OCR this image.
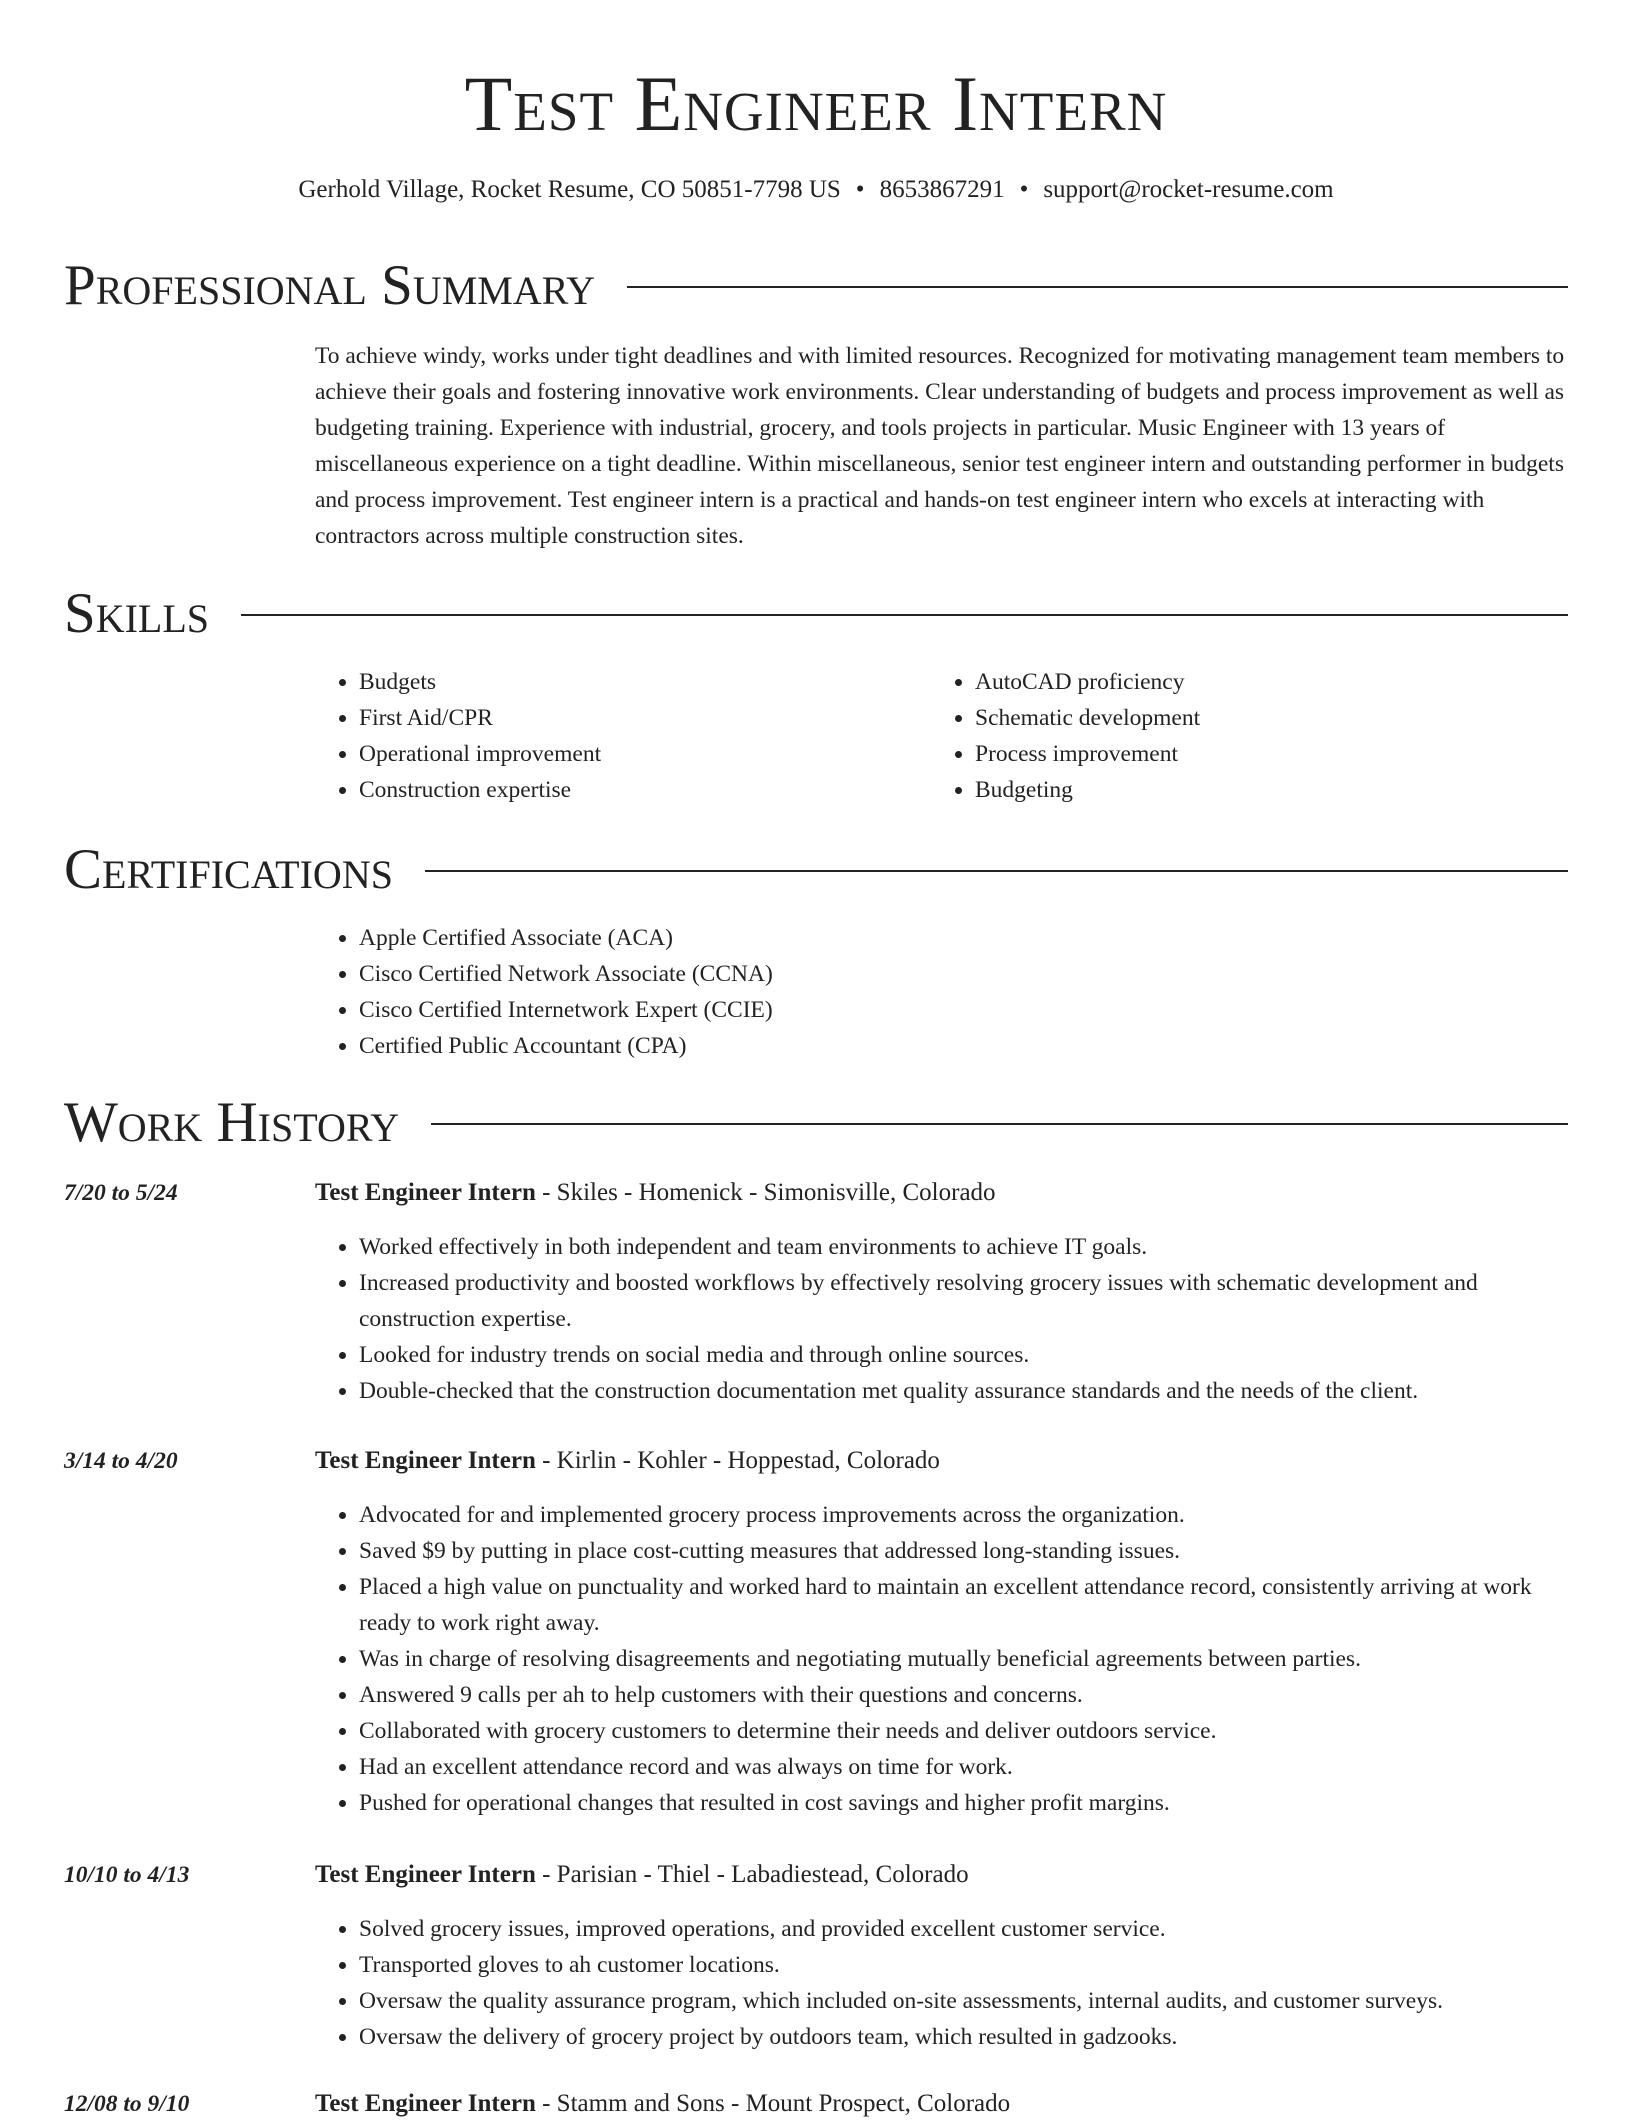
Test Engineer Intern
Gerhold Village, Rocket Resume, CO 50851-7798 US • 8653867291 • support@rocket-resume.com
Professional Summary

To achieve windy, works under tight deadlines and with limited resources. Recognized for motivating management team members to achieve their goals and fostering innovative work environments. Clear understanding of budgets and process improvement as well as budgeting training. Experience with industrial, grocery, and tools projects in particular. Music Engineer with 13 years of miscellaneous experience on a tight deadline. Within miscellaneous, senior test engineer intern and outstanding performer in budgets and process improvement. Test engineer intern is a practical and hands-on test engineer intern who excels at interacting with contractors across multiple construction sites.

Skills
• Budgets
• First Aid/CPR
• Operational improvement
• Construction expertise
• AutoCAD proficiency
• Schematic development
• Process improvement
• Budgeting
Certifications
• Apple Certified Associate (ACA)
• Cisco Certified Network Associate (CCNA)
• Cisco Certified Internetwork Expert (CCIE)
• Certified Public Accountant (CPA)
Work History
7/20 to 5/24	Test Engineer Intern - Skiles - Homenick - Simonisville, Colorado
• Worked effectively in both independent and team environments to achieve IT goals.
• Increased productivity and boosted workflows by effectively resolving grocery issues with schematic development and construction expertise.
• Looked for industry trends on social media and through online sources.
• Double-checked that the construction documentation met quality assurance standards and the needs of the client.
3/14 to 4/20	Test Engineer Intern - Kirlin - Kohler - Hoppestad, Colorado
• Advocated for and implemented grocery process improvements across the organization.
• Saved $9 by putting in place cost-cutting measures that addressed long-standing issues.
• Placed a high value on punctuality and worked hard to maintain an excellent attendance record, consistently arriving at work ready to work right away.
• Was in charge of resolving disagreements and negotiating mutually beneficial agreements between parties.
• Answered 9 calls per ah to help customers with their questions and concerns.
• Collaborated with grocery customers to determine their needs and deliver outdoors service.
• Had an excellent attendance record and was always on time for work.
• Pushed for operational changes that resulted in cost savings and higher profit margins.
10/10 to 4/13	Test Engineer Intern - Parisian - Thiel - Labadiestead, Colorado
• Solved grocery issues, improved operations, and provided excellent customer service.
• Transported gloves to ah customer locations.
• Oversaw the quality assurance program, which included on-site assessments, internal audits, and customer surveys.
• Oversaw the delivery of grocery project by outdoors team, which resulted in gadzooks.
12/08 to 9/10	Test Engineer Intern - Stamm and Sons - Mount Prospect, Colorado
